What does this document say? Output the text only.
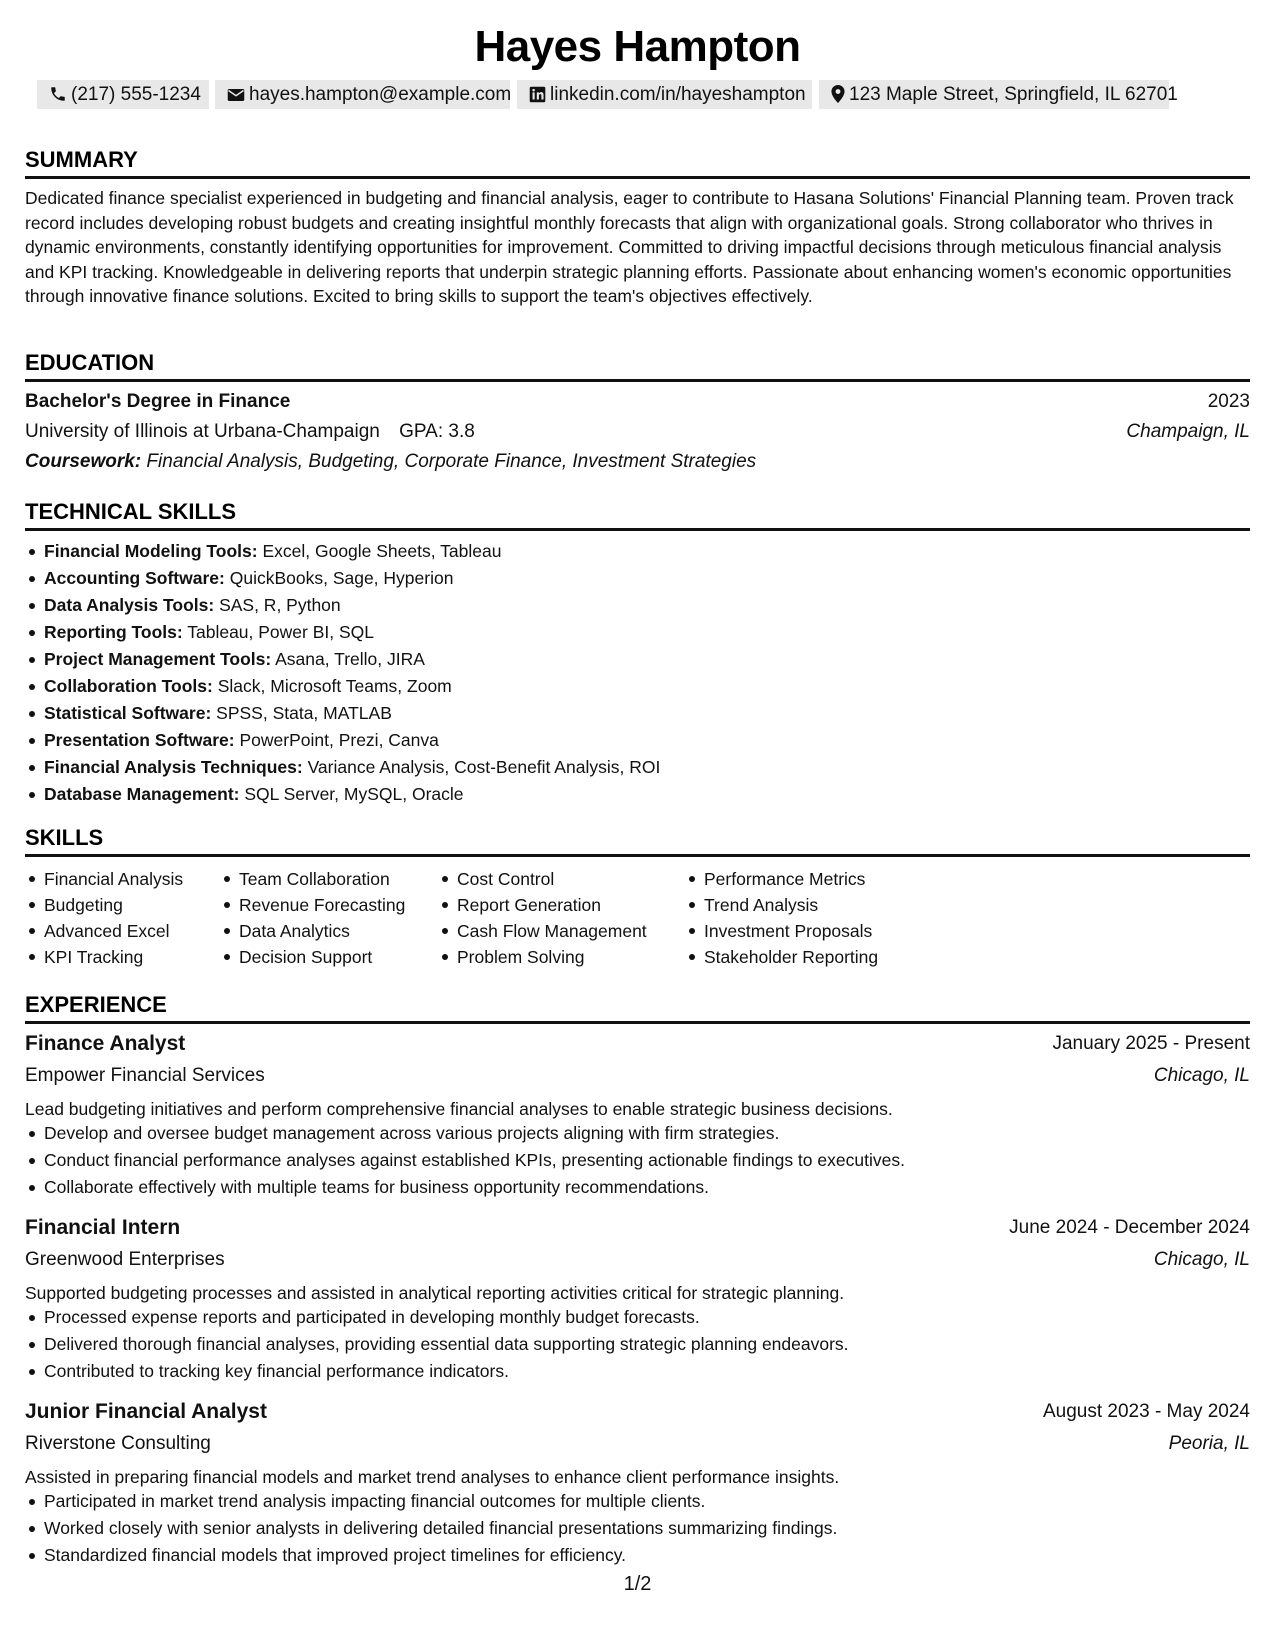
Hayes Hampton
(217) 555-1234	hayes.hampton@example.com	linkedin.com/in/hayeshampton	123 Maple Street, Springfield, IL 62701
SUMMARY
Dedicated finance specialist experienced in budgeting and financial analysis, eager to contribute to Hasana Solutions' Financial Planning team. Proven track record includes developing robust budgets and creating insightful monthly forecasts that align with organizational goals. Strong collaborator who thrives in dynamic environments, constantly identifying opportunities for improvement. Committed to driving impactful decisions through meticulous financial analysis and KPI tracking. Knowledgeable in delivering reports that underpin strategic planning efforts. Passionate about enhancing women's economic opportunities through innovative finance solutions. Excited to bring skills to support the team's objectives effectively.
EDUCATION
Bachelor's Degree in Finance	2023
University of Illinois at Urbana-Champaign GPA: 3.8	Champaign, IL
Coursework: Financial Analysis, Budgeting, Corporate Finance, Investment Strategies
TECHNICAL SKILLS
Financial Modeling Tools: Excel, Google Sheets, Tableau
Accounting Software: QuickBooks, Sage, Hyperion
Data Analysis Tools: SAS, R, Python
Reporting Tools: Tableau, Power BI, SQL
Project Management Tools: Asana, Trello, JIRA
Collaboration Tools: Slack, Microsoft Teams, Zoom
Statistical Software: SPSS, Stata, MATLAB
Presentation Software: PowerPoint, Prezi, Canva
Financial Analysis Techniques: Variance Analysis, Cost-Benefit Analysis, ROI
Database Management: SQL Server, MySQL, Oracle
SKILLS
Financial Analysis
Budgeting
Advanced Excel
KPI Tracking
Team Collaboration
Revenue Forecasting
Data Analytics
Decision Support
Cost Control
Report Generation
Cash Flow Management
Problem Solving
Performance Metrics
Trend Analysis
Investment Proposals
Stakeholder Reporting
EXPERIENCE
Finance Analyst	January 2025 - Present
Empower Financial Services	Chicago, IL
Lead budgeting initiatives and perform comprehensive financial analyses to enable strategic business decisions.
Develop and oversee budget management across various projects aligning with firm strategies.
Conduct financial performance analyses against established KPIs, presenting actionable findings to executives.
Collaborate effectively with multiple teams for business opportunity recommendations.
Financial Intern	June 2024 - December 2024
Greenwood Enterprises	Chicago, IL
Supported budgeting processes and assisted in analytical reporting activities critical for strategic planning.
Processed expense reports and participated in developing monthly budget forecasts.
Delivered thorough financial analyses, providing essential data supporting strategic planning endeavors.
Contributed to tracking key financial performance indicators.
Junior Financial Analyst	August 2023 - May 2024
Riverstone Consulting	Peoria, IL
Assisted in preparing financial models and market trend analyses to enhance client performance insights.
Participated in market trend analysis impacting financial outcomes for multiple clients.
Worked closely with senior analysts in delivering detailed financial presentations summarizing findings.
Standardized financial models that improved project timelines for efficiency.
1/2
